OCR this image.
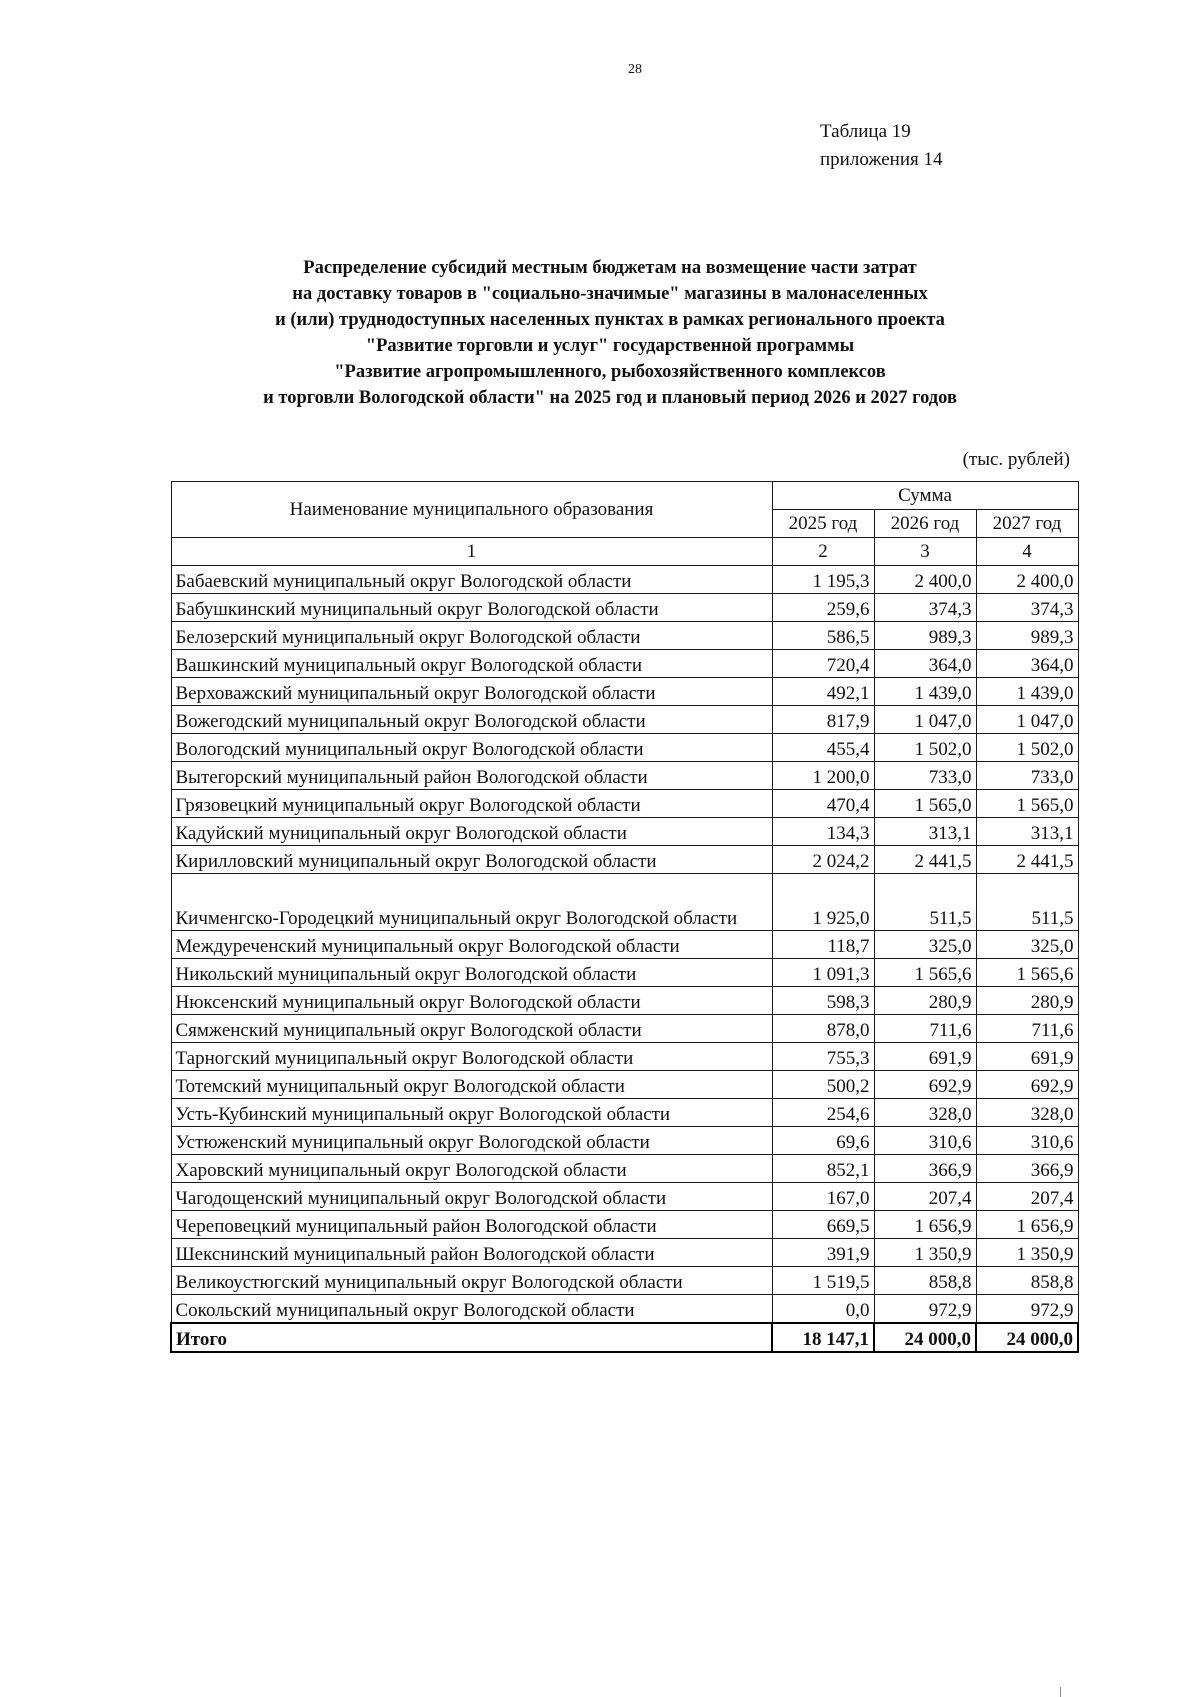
28
Таблица 19
приложения 14
Распределение субсидий местным бюджетам на возмещение части затрат
на доставку товаров в "социально-значимые" магазины в малонаселенных
и (или) труднодоступных населенных пунктах в рамках регионального проекта
"Развитие торговли и услуг" государственной программы
"Развитие агропромышленного, рыбохозяйственного комплексов
и торговли Вологодской области" на 2025 год и плановый период 2026 и 2027 годов
(тыс. рублей)
Наименование муниципального образования	Сумма		
	2025 год	2026 год	2027 год
1	2	3	4
Бабаевский муниципальный округ Вологодской области	1 195,3	2 400,0	2 400,0
Бабушкинский муниципальный округ Вологодской области	259,6	374,3	374,3
Белозерский муниципальный округ Вологодской области	586,5	989,3	989,3
Вашкинский муниципальный округ Вологодской области	720,4	364,0	364,0
Верховажский муниципальный округ Вологодской области	492,1	1 439,0	1 439,0
Вожегодский муниципальный округ Вологодской области	817,9	1 047,0	1 047,0
Вологодский муниципальный округ Вологодской области	455,4	1 502,0	1 502,0
Вытегорский муниципальный район Вологодской области	1 200,0	733,0	733,0
Грязовецкий муниципальный округ Вологодской области	470,4	1 565,0	1 565,0
Кадуйский муниципальный округ Вологодской области	134,3	313,1	313,1
Кирилловский муниципальный округ Вологодской области	2 024,2	2 441,5	2 441,5
Кичменгско-Городецкий муниципальный округ Вологодской области	1 925,0	511,5	511,5
Междуреченский муниципальный округ Вологодской области	118,7	325,0	325,0
Никольский муниципальный округ Вологодской области	1 091,3	1 565,6	1 565,6
Нюксенский муниципальный округ Вологодской области	598,3	280,9	280,9
Сямженский муниципальный округ Вологодской области	878,0	711,6	711,6
Тарногский муниципальный округ Вологодской области	755,3	691,9	691,9
Тотемский муниципальный округ Вологодской области	500,2	692,9	692,9
Усть-Кубинский муниципальный округ Вологодской области	254,6	328,0	328,0
Устюженский муниципальный округ Вологодской области	69,6	310,6	310,6
Харовский муниципальный округ Вологодской области	852,1	366,9	366,9
Чагодощенский муниципальный округ Вологодской области	167,0	207,4	207,4
Череповецкий муниципальный район Вологодской области	669,5	1 656,9	1 656,9
Шекснинский муниципальный район Вологодской области	391,9	1 350,9	1 350,9
Великоустюгский муниципальный округ Вологодской области	1 519,5	858,8	858,8
Сокольский муниципальный округ Вологодской области	0,0	972,9	972,9
Итого	18 147,1	24 000,0	24 000,0
